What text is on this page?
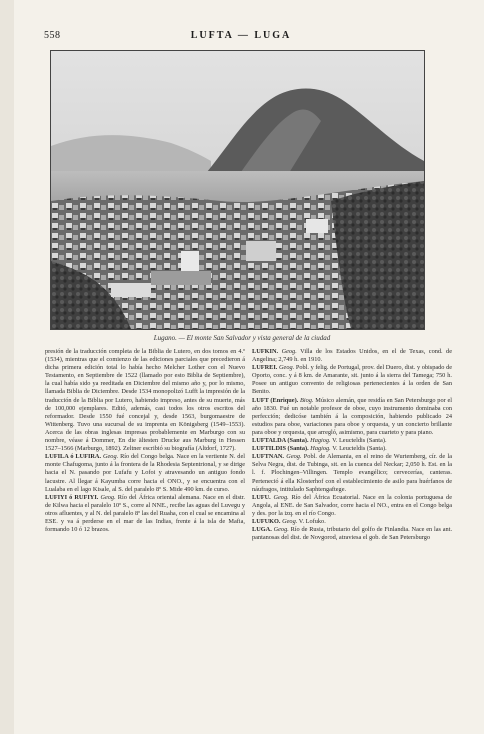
558	LUFTA — LUGA
Lugano. — El monte San Salvador y vista general de la ciudad

presión de la traducción completa de la Biblia de Lutero, en dos tomos en 4.º (1534), mientras que el comienzo de las ediciones parciales que precedieron á dicha primera edición total lo había hecho Melcher Lother con el Nuevo Testamento, en Septiembre de 1522 (llamado por esto Biblia de Septiembre), la cual había sido ya reeditada en Diciembre del mismo año y, por lo mismo, llamada Biblia de Diciembre. Desde 1534 monopolizó Lufft la impresión de la traducción de la Biblia por Lutero, habiendo impreso, antes de su muerte, más de 100,000 ejemplares. Editó, además, casi todos los otros escritos del reformador. Desde 1550 fué concejal y, desde 1563, burgomaestre de Wittenberg. Tuvo una sucursal de su imprenta en Königsberg (1549–1553). Acerca de las obras inglesas impresas probablemente en Marburgo con su nombre, véase á Dommer, En die ältesten Drucke aus Marburg in Hessen 1527–1566 (Marburgo, 1892). Zeltner escribió su biografía (Altdorf, 1727).

LUFILA ó LUFIRA. Geog. Río del Congo belga. Nace en la vertiente N. del monte Chafugoma, junto á la frontera de la Rhodesia Septentrional, y se dirige hacia el N. pasando por Lufafu y Lofoi y atravesando un antiguo fondo lacustre. Al llegar á Kayumba corre hacia el ONO., y se encuentra con el Lualaba en el lago Kisale, al S. del paralelo 8º S. Mide 490 km. de curso.

LUFIYI ó RUFIYI. Geog. Río del África oriental alemana. Nace en el distr. de Kilwa hacia el paralelo 10º S., corre al NNE., recibe las aguas del Luvegu y otros afluentes, y al N. del paralelo 8º las del Ruaha, con el cual se encamina al ESE. y va á perderse en el mar de las Indias, frente á la isla de Mafia, formando 10 ó 12 brazos.

LUFKIN. Geog. Villa de los Estados Unidos, en el de Texas, cond. de Angelina; 2,749 h. en 1910.

LUFREI. Geog. Pobl. y felig. de Portugal, prov. del Duero, dist. y obispado de Oporto, conc. y á 8 km. de Amarante, sit. junto á la sierra del Tamega; 750 h. Posee un antiguo convento de religiosas pertenecientes á la orden de San Benito.

LUFT (Enrique). Biog. Músico alemán, que residía en San Petersburgo por el año 1830. Fué un notable profesor de oboe, cuyo instrumento dominaba con perfección; dedicóse también á la composición, habiendo publicado 24 estudios para oboe, variaciones para oboe y orquesta, y un concierto brillante para oboe y orquesta, que arregló, asimismo, para cuarteto y para piano.

LUFTALDA (Santa). Hagiog. V. Leucteldis (Santa).

LUFTILDIS (Santa). Hagiog. V. Leucteldis (Santa).

LUFTNAN. Geog. Pobl. de Alemania, en el reino de Wurtemberg, cír. de la Selva Negra, dist. de Tubinga, sit. en la cuenca del Neckar; 2,050 h. Est. en la l. f. Plochingen–Villingen. Templo evangélico; cervecerías, canteras. Perteneció á ella Klosterhof con el establecimiento de asilo para huérfanos de náufragos, intitulado Saphtengaftege.

LUFU. Geog. Río del África Ecuatorial. Nace en la colonia portuguesa de Angola, al ENE. de San Salvador, corre hacia el NO., entra en el Congo belga y des. por la izq. en el río Congo.

LUFUKO. Geog. V. Lofuko.

LUGA. Geog. Río de Rusia, tributario del golfo de Finlandia. Nace en las ant. pantanosas del dist. de Novgorod, atraviesa el gob. de San Petersburgo
